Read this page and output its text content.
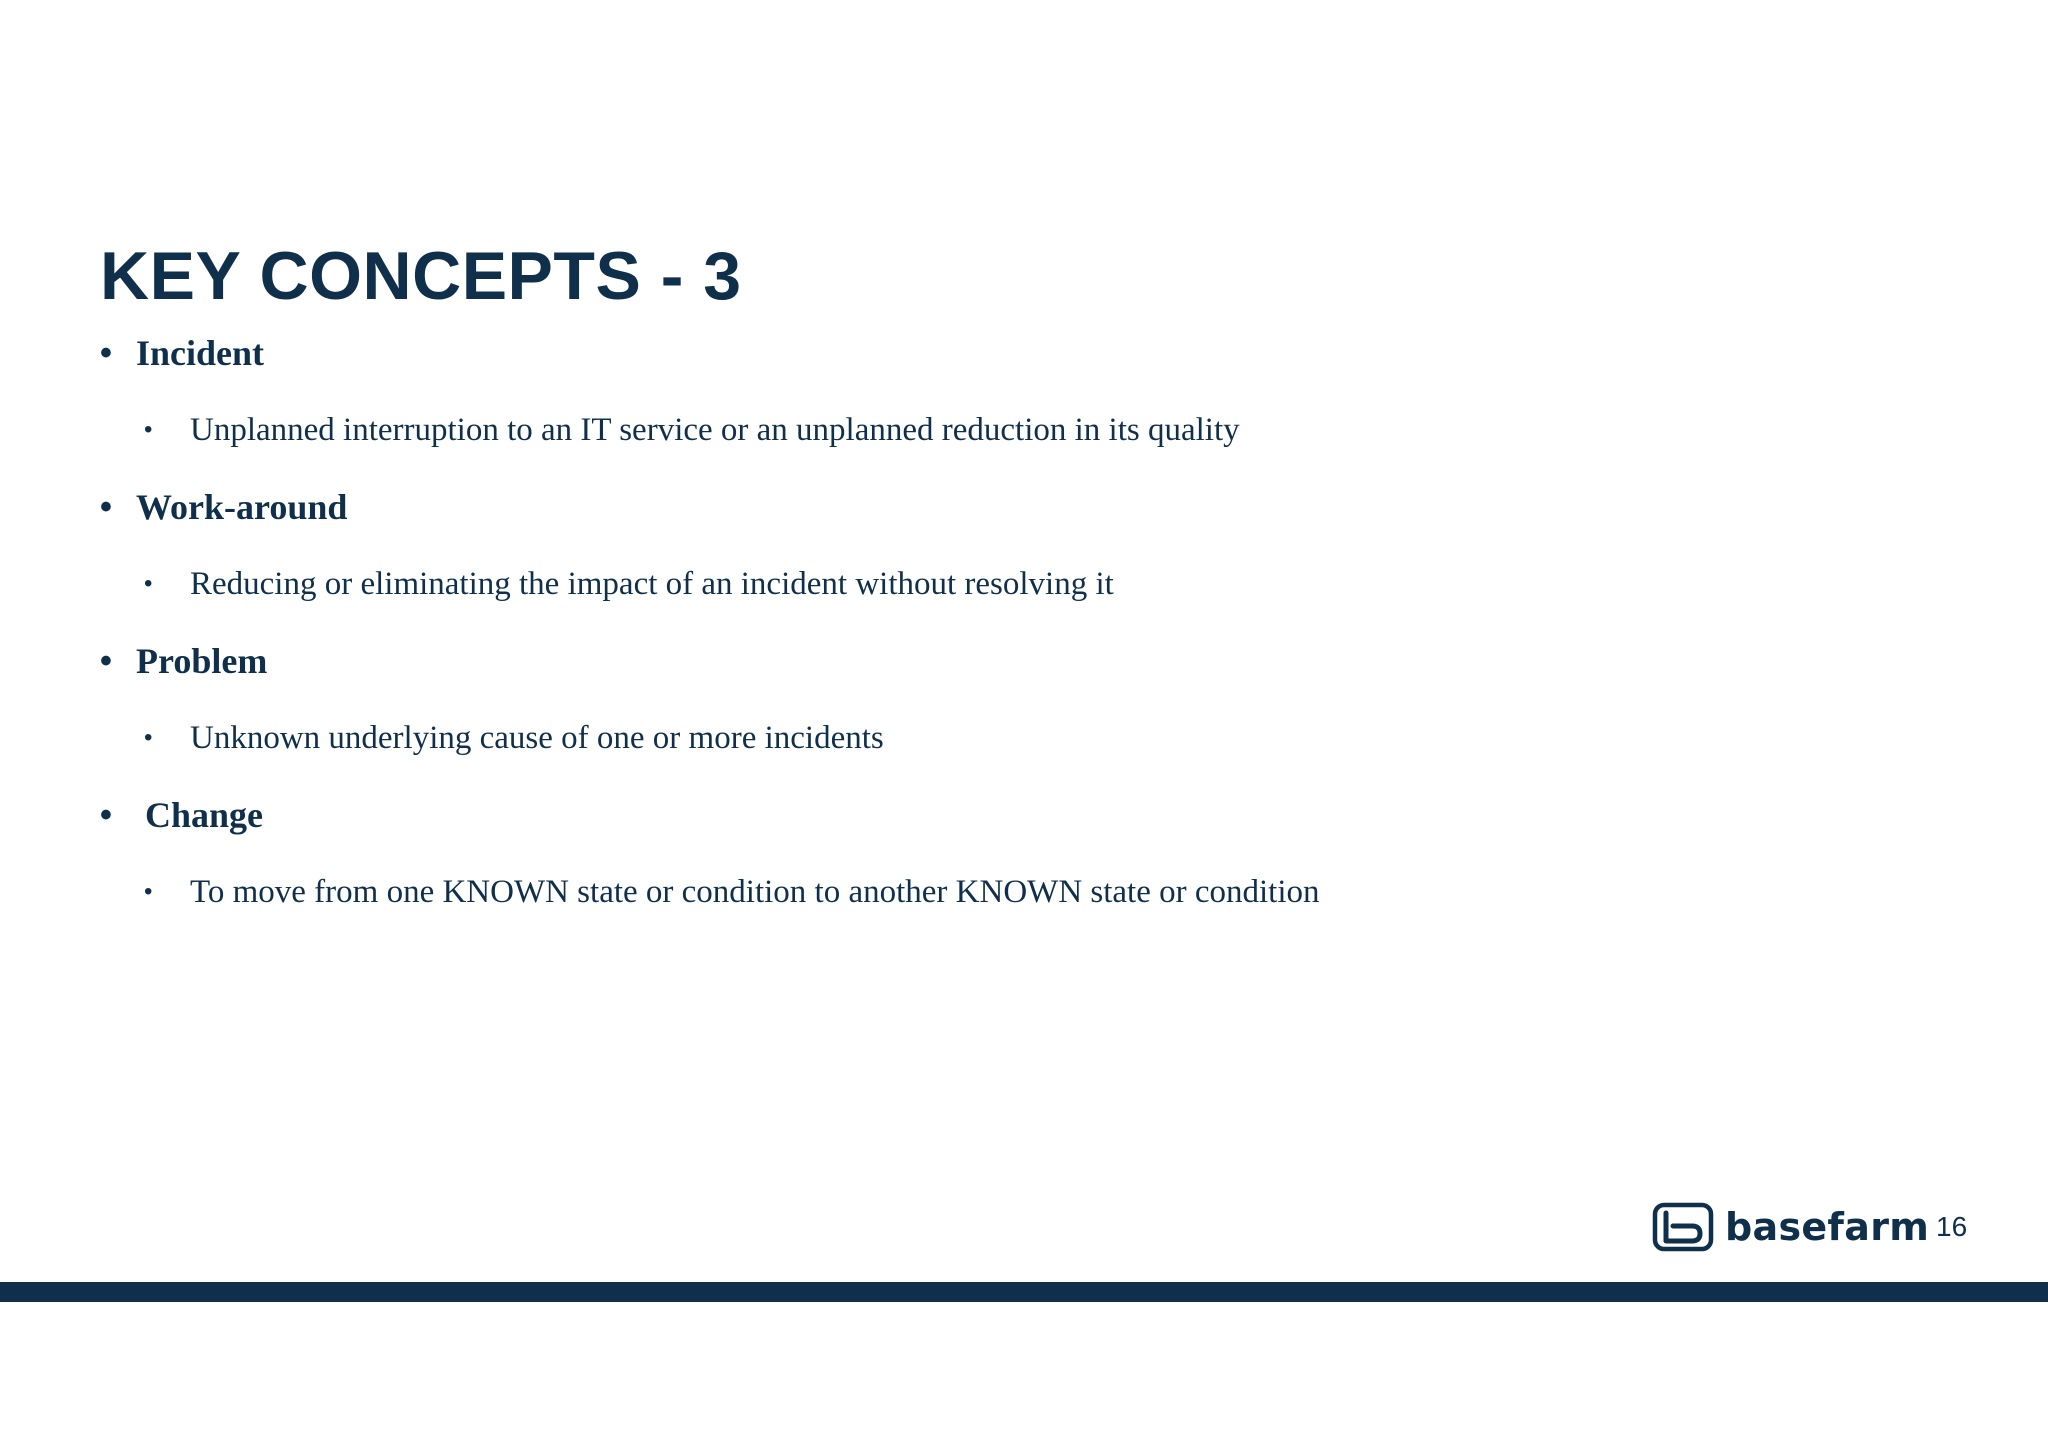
KEY CONCEPTS - 3
• Incident
• Unplanned interruption to an IT service or an unplanned reduction in its quality
• Work-around
• Reducing or eliminating the impact of an incident without resolving it
• Problem
• Unknown underlying cause of one or more incidents
• Change
• To move from one KNOWN state or condition to another KNOWN state or condition
basefarm 16
